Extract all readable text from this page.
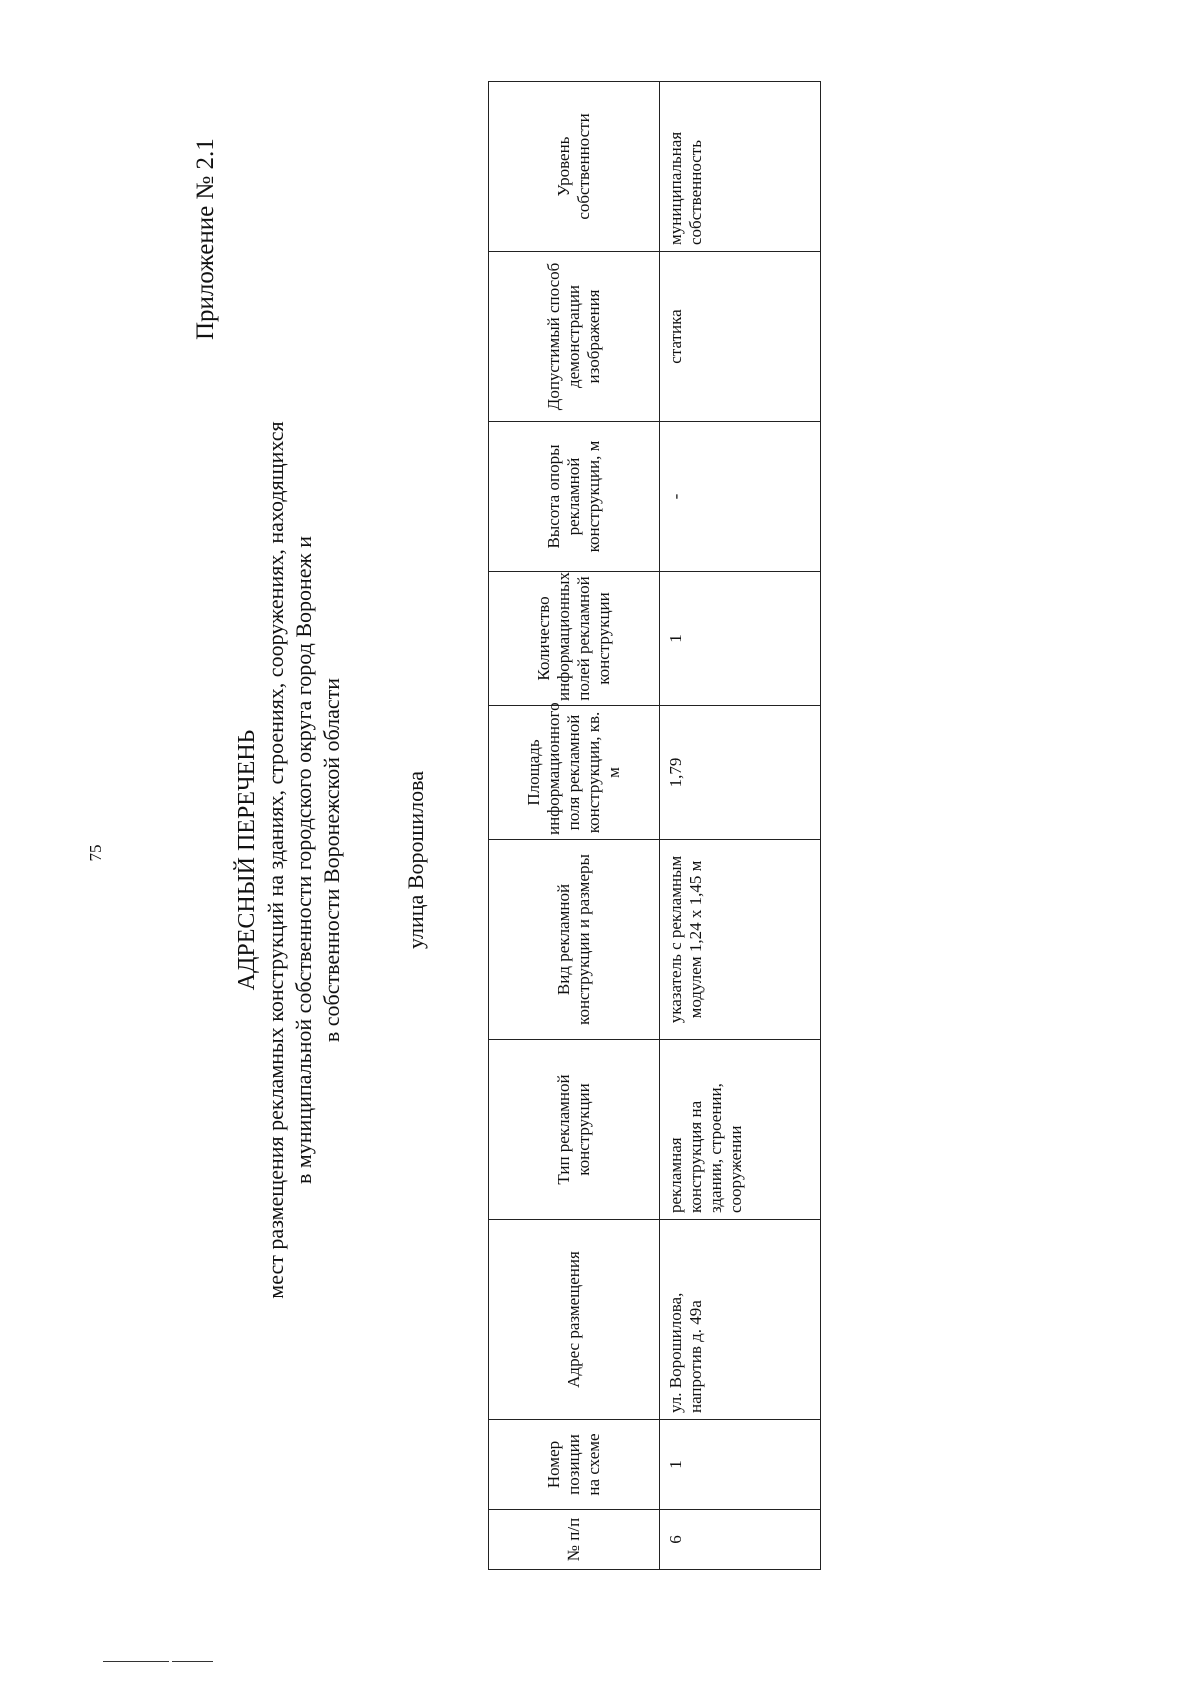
75
Приложение № 2.1
АДРЕСНЫЙ ПЕРЕЧЕНЬ мест размещения рекламных конструкций на зданиях, строениях, сооружениях, находящихся в муниципальной собственности городского округа город Воронеж и в собственности Воронежской области	улица Ворошилова
№ п/п	Номер позиции на схеме	Адрес размещения	Тип рекламной конструкции	Вид рекламной конструкции и размеры	Площадь информационного поля рекламной конструкции, кв. м	Количество информационных полей рекламной конструкции	Высота опоры рекламной конструкции, м	Допустимый способ демонстрации изображения	Уровень собственности
6	1	ул. Ворошилова, напротив д. 49а	рекламная конструкция на здании, строении, сооружении	указатель с рекламным модулем 1,24 х 1,45 м	1,79	1	-	статика	муниципальная собственность
